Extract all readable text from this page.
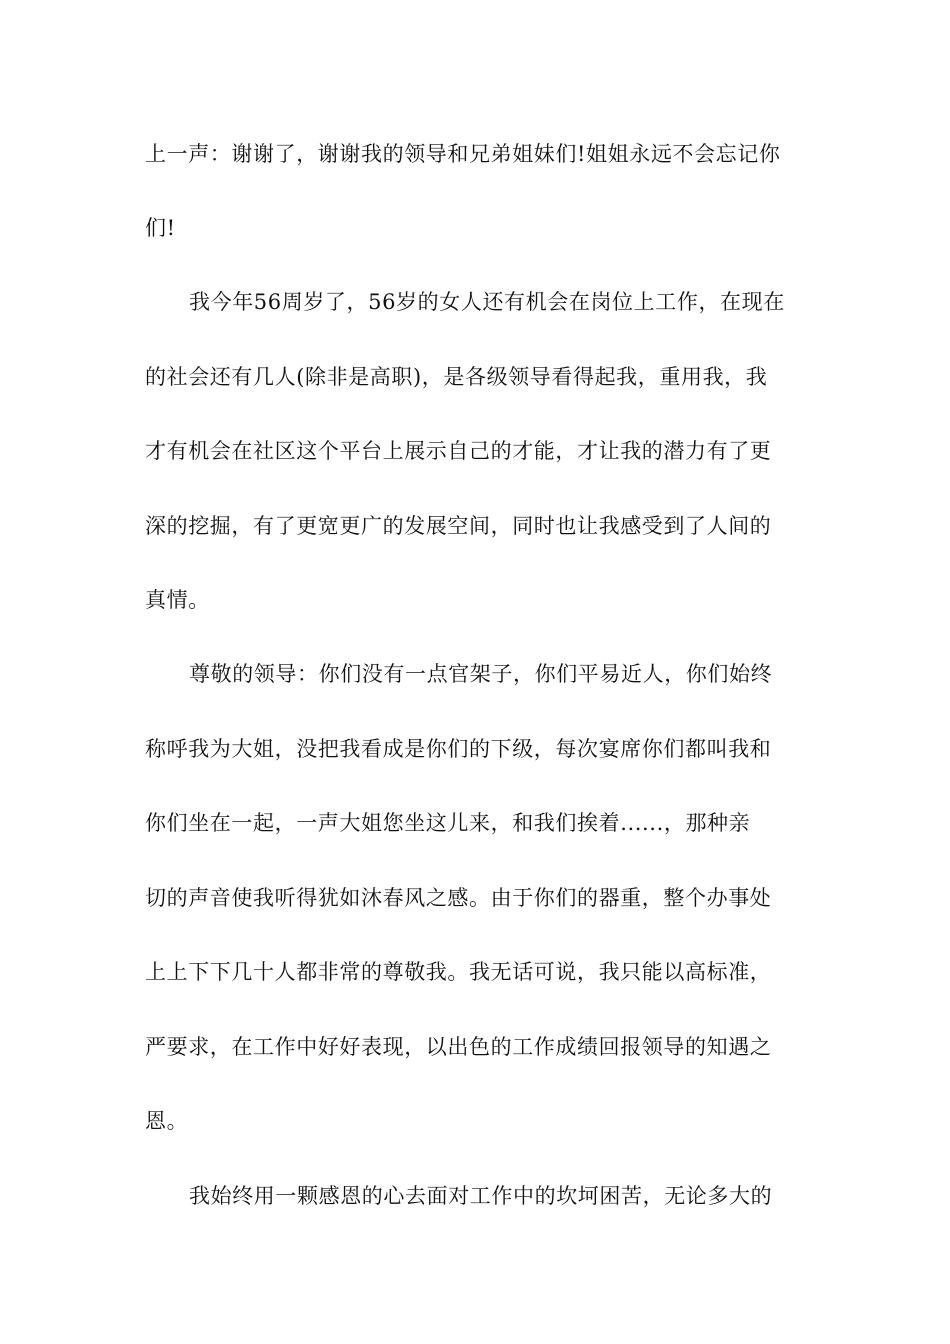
上一声：谢谢了，谢谢我的领导和兄弟姐妹们!姐姐永远不会忘记你
们!
我今年56周岁了，56岁的女人还有机会在岗位上工作，在现在
的社会还有几人(除非是高职)，是各级领导看得起我，重用我，我
才有机会在社区这个平台上展示自己的才能，才让我的潜力有了更
深的挖掘，有了更宽更广的发展空间，同时也让我感受到了人间的
真情。
尊敬的领导：你们没有一点官架子，你们平易近人，你们始终
称呼我为大姐，没把我看成是你们的下级，每次宴席你们都叫我和
你们坐在一起，一声大姐您坐这儿来，和我们挨着......，那种亲
切的声音使我听得犹如沐春风之感。由于你们的器重，整个办事处
上上下下几十人都非常的尊敬我。我无话可说，我只能以高标准，
严要求，在工作中好好表现，以出色的工作成绩回报领导的知遇之
恩。
我始终用一颗感恩的心去面对工作中的坎坷困苦，无论多大的
